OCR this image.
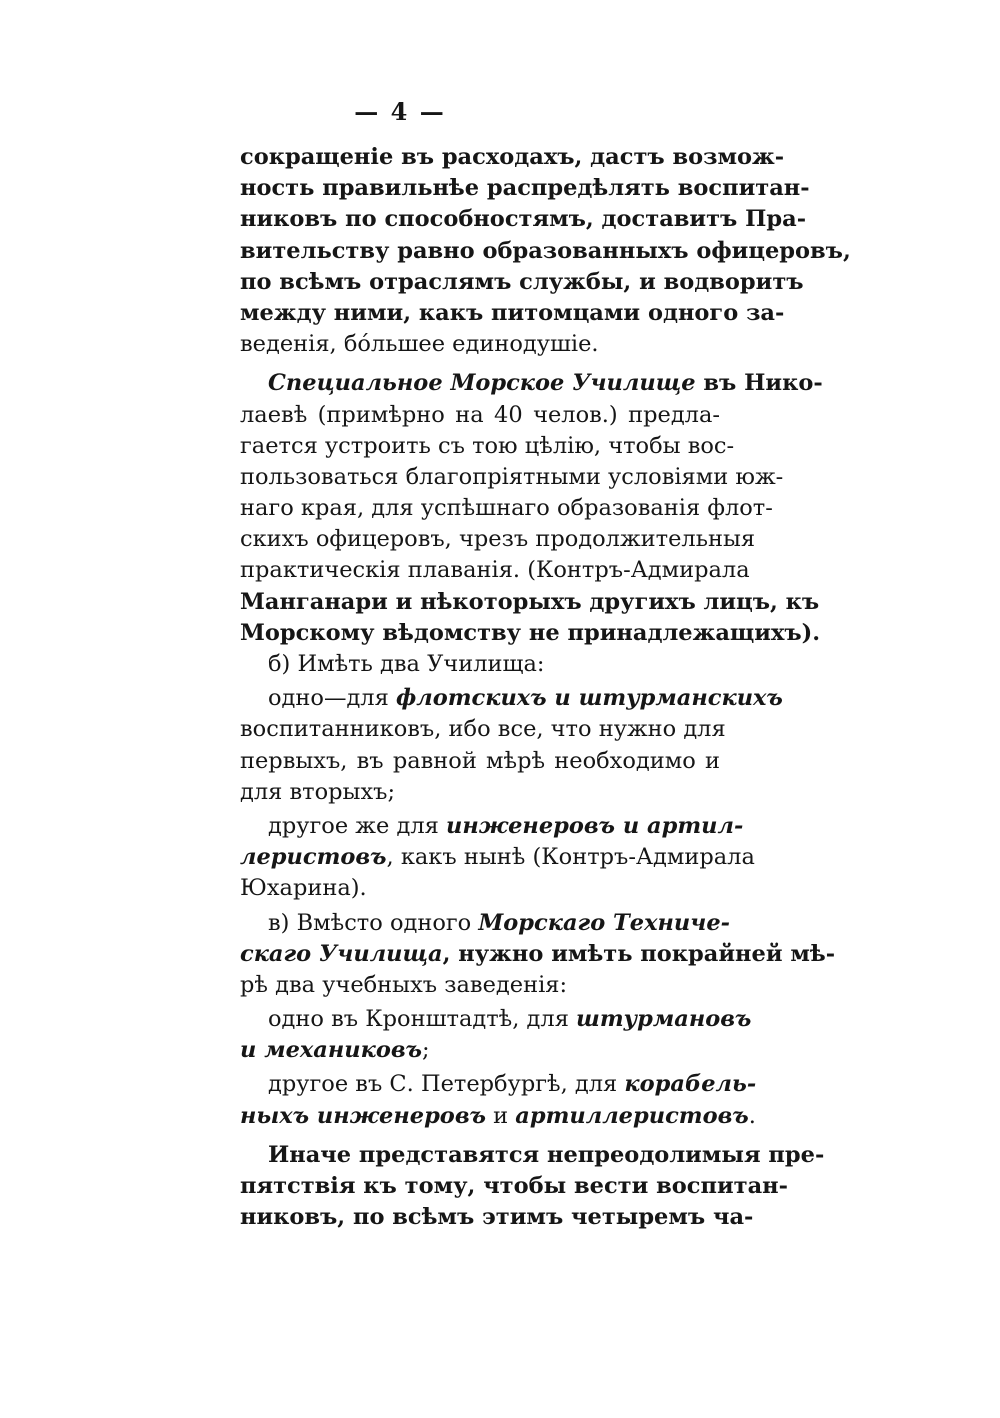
— 4 —
сокращеніе въ расходахъ, дастъ возмож-
ность правильнѣе распредѣлять воспитан-
никовъ по способностямъ, доставитъ Пра-
вительству равно образованныхъ офицеровъ,
по всѣмъ отраслямъ службы, и водворитъ
между ними, какъ питомцами одного за-
веденія, бóльшее единодушіе.
Специальное Морское Училище въ Нико-
лаевѣ (примѣрно на 40 челов.) предла-
гается устроить съ тою цѣлію, чтобы вос-
пользоваться благопріятными условіями юж-
наго края, для успѣшнаго образованія флот-
скихъ офицеровъ, чрезъ продолжительныя
практическія плаванія. (Контръ-Адмирала
Манганари и нѣкоторыхъ другихъ лицъ, къ
Морскому вѣдомству не принадлежащихъ).
б) Имѣть два Училища:
одно—для флотскихъ и штурманскихъ
воспитанниковъ, ибо все, что нужно для
первыхъ, въ равной мѣрѣ необходимо и
для вторыхъ;
другое же для инженеровъ и артил-
леристовъ, какъ нынѣ (Контръ-Адмирала
Юхарина).
в) Вмѣсто одного Морскаго Техниче-
скаго Училища, нужно имѣть покрайней мѣ-
рѣ два учебныхъ заведенія:
одно въ Кронштадтѣ, для штурмановъ
и механиковъ;
другое въ С. Петербургѣ, для корабель-
ныхъ инженеровъ и артиллеристовъ.
Иначе представятся непреодолимыя пре-
пятствія къ тому, чтобы вести воспитан-
никовъ, по всѣмъ этимъ четыремъ ча-
